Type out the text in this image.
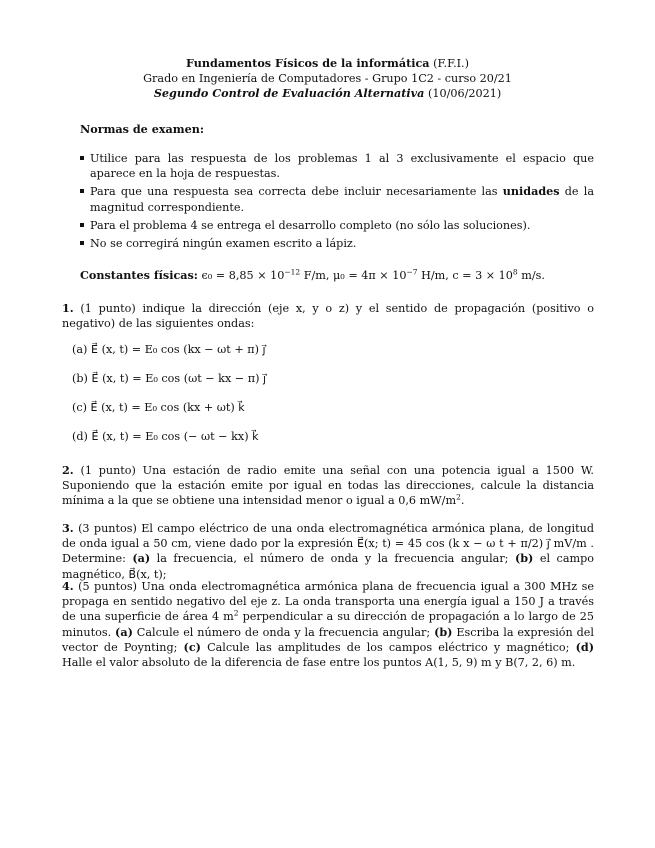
Fundamentos Físicos de la informática (F.F.I.)
Grado en Ingeniería de Computadores - Grupo 1C2 - curso 20/21
Segundo Control de Evaluación Alternativa (10/06/2021)
Normas de examen:
Utilice para las respuesta de los problemas 1 al 3 exclusivamente el espacio que aparece en la hoja de respuestas.
Para que una respuesta sea correcta debe incluir necesariamente las unidades de la magnitud correspondiente.
Para el problema 4 se entrega el desarrollo completo (no sólo las soluciones).
No se corregirá ningún examen escrito a lápiz.
Constantes físicas: $\epsilon_0 = 8,85 \times 10^{-12}$ F/m, $\mu_0 = 4\pi \times 10^{-7}$ H/m, $c = 3 \times 10^8$ m/s.
1. (1 punto) indique la dirección (eje x, y o z) y el sentido de propagación (positivo o negativo) de las siguientes ondas:
(a) E⃗ (x, t) = E₀ cos (kx − ωt + π) j⃗
(b) E⃗ (x, t) = E₀ cos (ωt − kx − π) j⃗
(c) E⃗ (x, t) = E₀ cos (kx + ωt) k⃗
(d) E⃗ (x, t) = E₀ cos (− ωt − kx) k⃗
2. (1 punto) Una estación de radio emite una señal con una potencia igual a 1500 W. Suponiendo que la estación emite por igual en todas las direcciones, calcule la distancia mínima a la que se obtiene una intensidad menor o igual a 0,6 $mW/m^2$.
3. (3 puntos) El campo eléctrico de una onda electromagnética armónica plana, de longitud de onda igual a 50 cm, viene dado por la expresión E⃗(x; t) = 45 cos (k x − ω t + π/2) j⃗ mV/m . Determine: (a) la frecuencia, el número de onda y la frecuencia angular; (b) el campo magnético, B⃗(x, t);
4. (5 puntos) Una onda electromagnética armónica plana de frecuencia igual a 300 MHz se propaga en sentido negativo del eje z. La onda transporta una energía igual a 150 J a través de una superficie de área 4 $m^2$ perpendicular a su dirección de propagación a lo largo de 25 minutos. (a) Calcule el número de onda y la frecuencia angular; (b) Escriba la expresión del vector de Poynting; (c) Calcule las amplitudes de los campos eléctrico y magnético; (d) Halle el valor absoluto de la diferencia de fase entre los puntos A(1, 5, 9) m y B(7, 2, 6) m.
